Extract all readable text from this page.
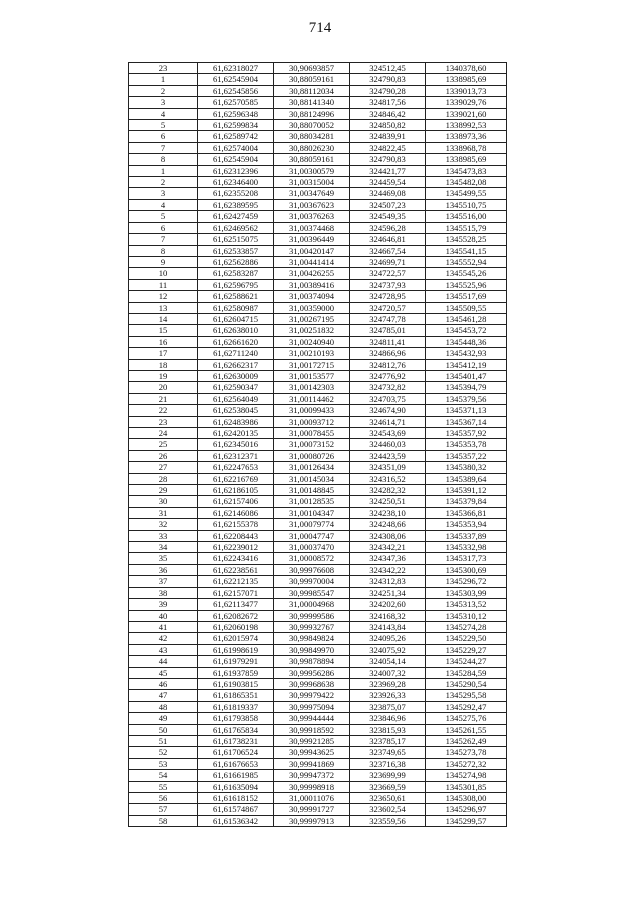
714
23	61,62318027	30,90693857	324512,45	1340378,60
1	61,62545904	30,88059161	324790,83	1338985,69
2	61,62545856	30,88112034	324790,28	1339013,73
3	61,62570585	30,88141340	324817,56	1339029,76
4	61,62596348	30,88124996	324846,42	1339021,60
5	61,62599834	30,88070052	324850,82	1338992,53
6	61,62589742	30,88034281	324839,91	1338973,36
7	61,62574004	30,88026230	324822,45	1338968,78
8	61,62545904	30,88059161	324790,83	1338985,69
1	61,62312396	31,00300579	324421,77	1345473,83
2	61,62346400	31,00315004	324459,54	1345482,08
3	61,62355208	31,00347649	324469,08	1345499,55
4	61,62389595	31,00367623	324507,23	1345510,75
5	61,62427459	31,00376263	324549,35	1345516,00
6	61,62469562	31,00374468	324596,28	1345515,79
7	61,62515075	31,00396449	324646,81	1345528,25
8	61,62533857	31,00420147	324667,54	1345541,15
9	61,62562886	31,00441414	324699,71	1345552,94
10	61,62583287	31,00426255	324722,57	1345545,26
11	61,62596795	31,00389416	324737,93	1345525,96
12	61,62588621	31,00374094	324728,95	1345517,69
13	61,62580987	31,00359000	324720,57	1345509,55
14	61,62604715	31,00267195	324747,78	1345461,28
15	61,62638010	31,00251832	324785,01	1345453,72
16	61,62661620	31,00240940	324811,41	1345448,36
17	61,62711240	31,00210193	324866,96	1345432,93
18	61,62662317	31,00172715	324812,76	1345412,19
19	61,62630009	31,00153577	324776,92	1345401,47
20	61,62590347	31,00142303	324732,82	1345394,79
21	61,62564049	31,00114462	324703,75	1345379,56
22	61,62538045	31,00099433	324674,90	1345371,13
23	61,62483986	31,00093712	324614,71	1345367,14
24	61,62420135	31,00078455	324543,69	1345357,92
25	61,62345016	31,00073152	324460,03	1345353,78
26	61,62312371	31,00080726	324423,59	1345357,22
27	61,62247653	31,00126434	324351,09	1345380,32
28	61,62216769	31,00145034	324316,52	1345389,64
29	61,62186105	31,00148845	324282,32	1345391,12
30	61,62157406	31,00128535	324250,51	1345379,84
31	61,62146086	31,00104347	324238,10	1345366,81
32	61,62155378	31,00079774	324248,66	1345353,94
33	61,62208443	31,00047747	324308,06	1345337,89
34	61,62239012	31,00037470	324342,21	1345332,98
35	61,62243416	31,00008572	324347,36	1345317,73
36	61,62238561	30,99976608	324342,22	1345300,69
37	61,62212135	30,99970004	324312,83	1345296,72
38	61,62157071	30,99985547	324251,34	1345303,99
39	61,62113477	31,00004968	324202,60	1345313,52
40	61,62082672	30,99999586	324168,32	1345310,12
41	61,62060198	30,99932767	324143,84	1345274,28
42	61,62015974	30,99849824	324095,26	1345229,50
43	61,61998619	30,99849970	324075,92	1345229,27
44	61,61979291	30,99878894	324054,14	1345244,27
45	61,61937859	30,99956286	324007,32	1345284,59
46	61,61903815	30,99968638	323969,28	1345290,54
47	61,61865351	30,99979422	323926,33	1345295,58
48	61,61819337	30,99975094	323875,07	1345292,47
49	61,61793858	30,99944444	323846,96	1345275,76
50	61,61765834	30,99918592	323815,93	1345261,55
51	61,61738231	30,99921285	323785,17	1345262,49
52	61,61706524	30,99943625	323749,65	1345273,78
53	61,61676653	30,99941869	323716,38	1345272,32
54	61,61661985	30,99947372	323699,99	1345274,98
55	61,61635094	30,99998918	323669,59	1345301,85
56	61,61618152	31,00011076	323650,61	1345308,00
57	61,61574867	30,99991727	323602,54	1345296,97
58	61,61536342	30,99997913	323559,56	1345299,57
